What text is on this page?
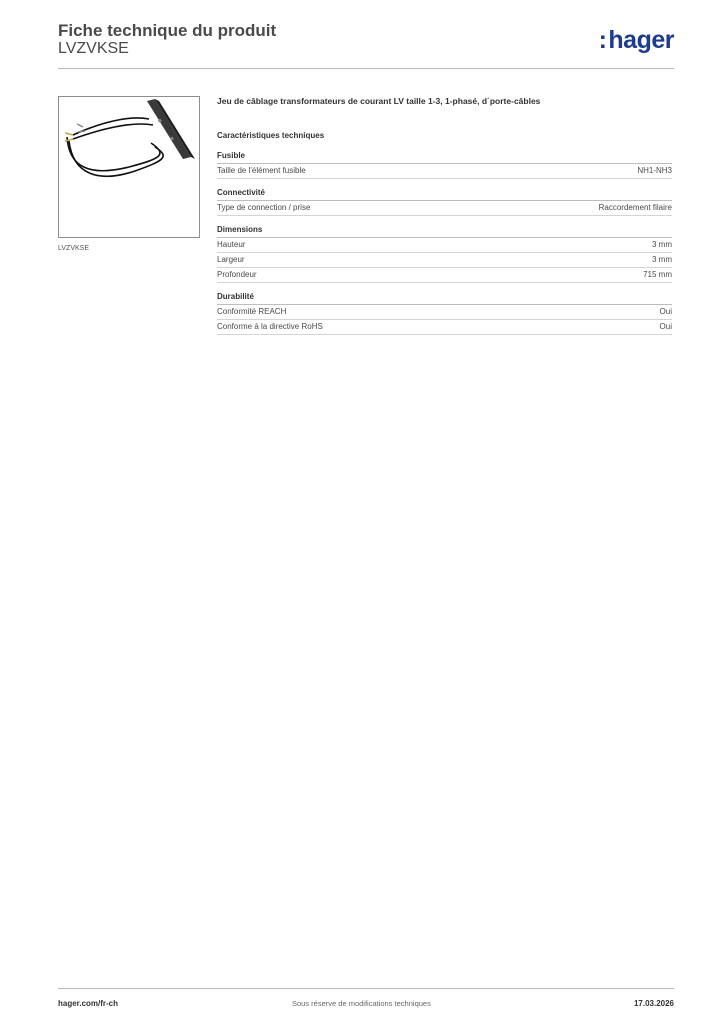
Fiche technique du produit
LVZVKSE	:hager
LVZVKSE
Jeu de câblage transformateurs de courant LV taille 1-3, 1-phasé, d´porte-câbles
Caractéristiques techniques
Fusible
Taille de l'élément fusible	NH1-NH3
Connectivité
Type de connection / prise	Raccordement filaire
Dimensions
Hauteur	3 mm
Largeur	3 mm
Profondeur	715 mm
Durabilité
Conformité REACH	Oui
Conforme à la directive RoHS	Oui
hager.com/fr-ch	Sous réserve de modifications techniques	17.03.2026
